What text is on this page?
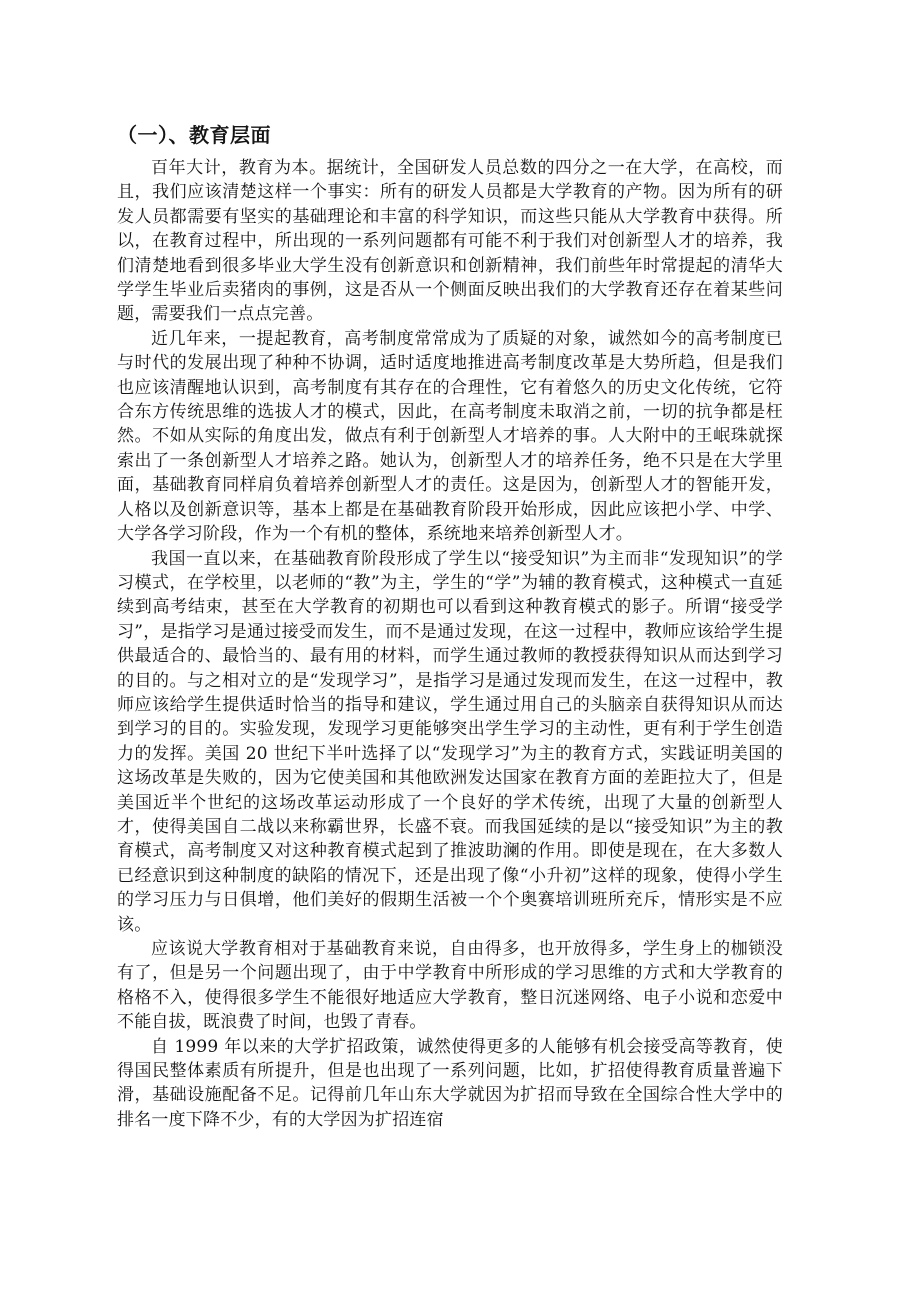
（一）、教育层面

百年大计，教育为本。据统计，全国研发人员总数的四分之一在大学，在高校，而且，我们应该清楚这样一个事实：所有的研发人员都是大学教育的产物。因为所有的研发人员都需要有坚实的基础理论和丰富的科学知识，而这些只能从大学教育中获得。所以，在教育过程中，所出现的一系列问题都有可能不利于我们对创新型人才的培养，我们清楚地看到很多毕业大学生没有创新意识和创新精神，我们前些年时常提起的清华大学学生毕业后卖猪肉的事例，这是否从一个侧面反映出我们的大学教育还存在着某些问题，需要我们一点点完善。

近几年来，一提起教育，高考制度常常成为了质疑的对象，诚然如今的高考制度已与时代的发展出现了种种不协调，适时适度地推进高考制度改革是大势所趋，但是我们也应该清醒地认识到，高考制度有其存在的合理性，它有着悠久的历史文化传统，它符合东方传统思维的选拔人才的模式，因此，在高考制度未取消之前，一切的抗争都是枉然。不如从实际的角度出发，做点有利于创新型人才培养的事。人大附中的王岷珠就探索出了一条创新型人才培养之路。她认为，创新型人才的培养任务，绝不只是在大学里面，基础教育同样肩负着培养创新型人才的责任。这是因为，创新型人才的智能开发，人格以及创新意识等，基本上都是在基础教育阶段开始形成，因此应该把小学、中学、大学各学习阶段，作为一个有机的整体，系统地来培养创新型人才。

我国一直以来，在基础教育阶段形成了学生以“接受知识”为主而非“发现知识”的学习模式，在学校里，以老师的“教”为主，学生的“学”为辅的教育模式，这种模式一直延续到高考结束，甚至在大学教育的初期也可以看到这种教育模式的影子。所谓“接受学习”，是指学习是通过接受而发生，而不是通过发现，在这一过程中，教师应该给学生提供最适合的、最恰当的、最有用的材料，而学生通过教师的教授获得知识从而达到学习的目的。与之相对立的是“发现学习”，是指学习是通过发现而发生，在这一过程中，教师应该给学生提供适时恰当的指导和建议，学生通过用自己的头脑亲自获得知识从而达到学习的目的。实验发现，发现学习更能够突出学生学习的主动性，更有利于学生创造力的发挥。美国 20 世纪下半叶选择了以“发现学习”为主的教育方式，实践证明美国的这场改革是失败的，因为它使美国和其他欧洲发达国家在教育方面的差距拉大了，但是美国近半个世纪的这场改革运动形成了一个良好的学术传统，出现了大量的创新型人才，使得美国自二战以来称霸世界，长盛不衰。而我国延续的是以“接受知识”为主的教育模式，高考制度又对这种教育模式起到了推波助澜的作用。即使是现在，在大多数人已经意识到这种制度的缺陷的情况下，还是出现了像“小升初”这样的现象，使得小学生的学习压力与日俱增，他们美好的假期生活被一个个奥赛培训班所充斥，情形实是不应该。

应该说大学教育相对于基础教育来说，自由得多，也开放得多，学生身上的枷锁没有了，但是另一个问题出现了，由于中学教育中所形成的学习思维的方式和大学教育的格格不入，使得很多学生不能很好地适应大学教育，整日沉迷网络、电子小说和恋爱中不能自拔，既浪费了时间，也毁了青春。

自 1999 年以来的大学扩招政策，诚然使得更多的人能够有机会接受高等教育，使得国民整体素质有所提升，但是也出现了一系列问题，比如，扩招使得教育质量普遍下滑，基础设施配备不足。记得前几年山东大学就因为扩招而导致在全国综合性大学中的排名一度下降不少，有的大学因为扩招连宿
